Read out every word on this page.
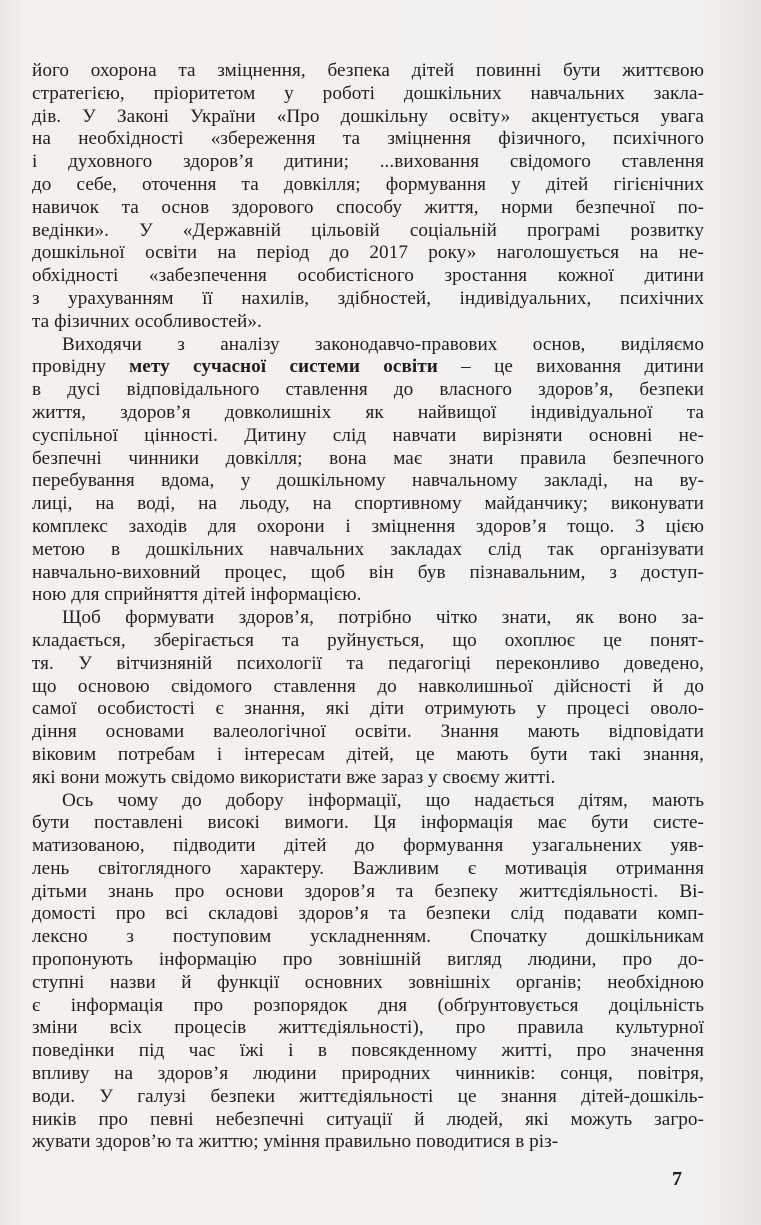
його охорона та зміцнення, безпека дітей повинні бути життєвою
стратегією, пріоритетом у роботі дошкільних навчальних закла-
дів. У Законі України «Про дошкільну освіту» акцентується увага
на необхідності «збереження та зміцнення фізичного, психічного
і духовного здоров’я дитини; ...виховання свідомого ставлення
до себе, оточення та довкілля; формування у дітей гігієнічних
навичок та основ здорового способу життя, норми безпечної по-
ведінки». У «Державній цільовій соціальній програмі розвитку
дошкільної освіти на період до 2017 року» наголошується на не-
обхідності «забезпечення особистісного зростання кожної дитини
з урахуванням її нахилів, здібностей, індивідуальних, психічних
та фізичних особливостей».
Виходячи з аналізу законодавчо-правових основ, виділяємо
провідну мету сучасної системи освіти – це виховання дитини
в дусі відповідального ставлення до власного здоров’я, безпеки
життя, здоров’я довколишніх як найвищої індивідуальної та
суспільної цінності. Дитину слід навчати вирізняти основні не-
безпечні чинники довкілля; вона має знати правила безпечного
перебування вдома, у дошкільному навчальному закладі, на ву-
лиці, на воді, на льоду, на спортивному майданчику; виконувати
комплекс заходів для охорони і зміцнення здоров’я тощо. З цією
метою в дошкільних навчальних закладах слід так організувати
навчально-виховний процес, щоб він був пізнавальним, з доступ-
ною для сприйняття дітей інформацією.
Щоб формувати здоров’я, потрібно чітко знати, як воно за-
кладається, зберігається та руйнується, що охоплює це понят-
тя. У вітчизняній психології та педагогіці переконливо доведено,
що основою свідомого ставлення до навколишньої дійсності й до
самої особистості є знання, які діти отримують у процесі оволо-
діння основами валеологічної освіти. Знання мають відповідати
віковим потребам і інтересам дітей, це мають бути такі знання,
які вони можуть свідомо використати вже зараз у своєму житті.
Ось чому до добору інформації, що надається дітям, мають
бути поставлені високі вимоги. Ця інформація має бути систе-
матизованою, підводити дітей до формування узагальнених уяв-
лень світоглядного характеру. Важливим є мотивація отримання
дітьми знань про основи здоров’я та безпеку життєдіяльності. Ві-
домості про всі складові здоров’я та безпеки слід подавати комп-
лексно з поступовим ускладненням. Спочатку дошкільникам
пропонують інформацію про зовнішній вигляд людини, про до-
ступні назви й функції основних зовнішніх органів; необхідною
є інформація про розпорядок дня (обґрунтовується доцільність
зміни всіх процесів життєдіяльності), про правила культурної
поведінки під час їжі і в повсякденному житті, про значення
впливу на здоров’я людини природних чинників: сонця, повітря,
води. У галузі безпеки життєдіяльності це знання дітей-дошкіль-
ників про певні небезпечні ситуації й людей, які можуть загро-
жувати здоров’ю та життю; уміння правильно поводитися в різ-
7
